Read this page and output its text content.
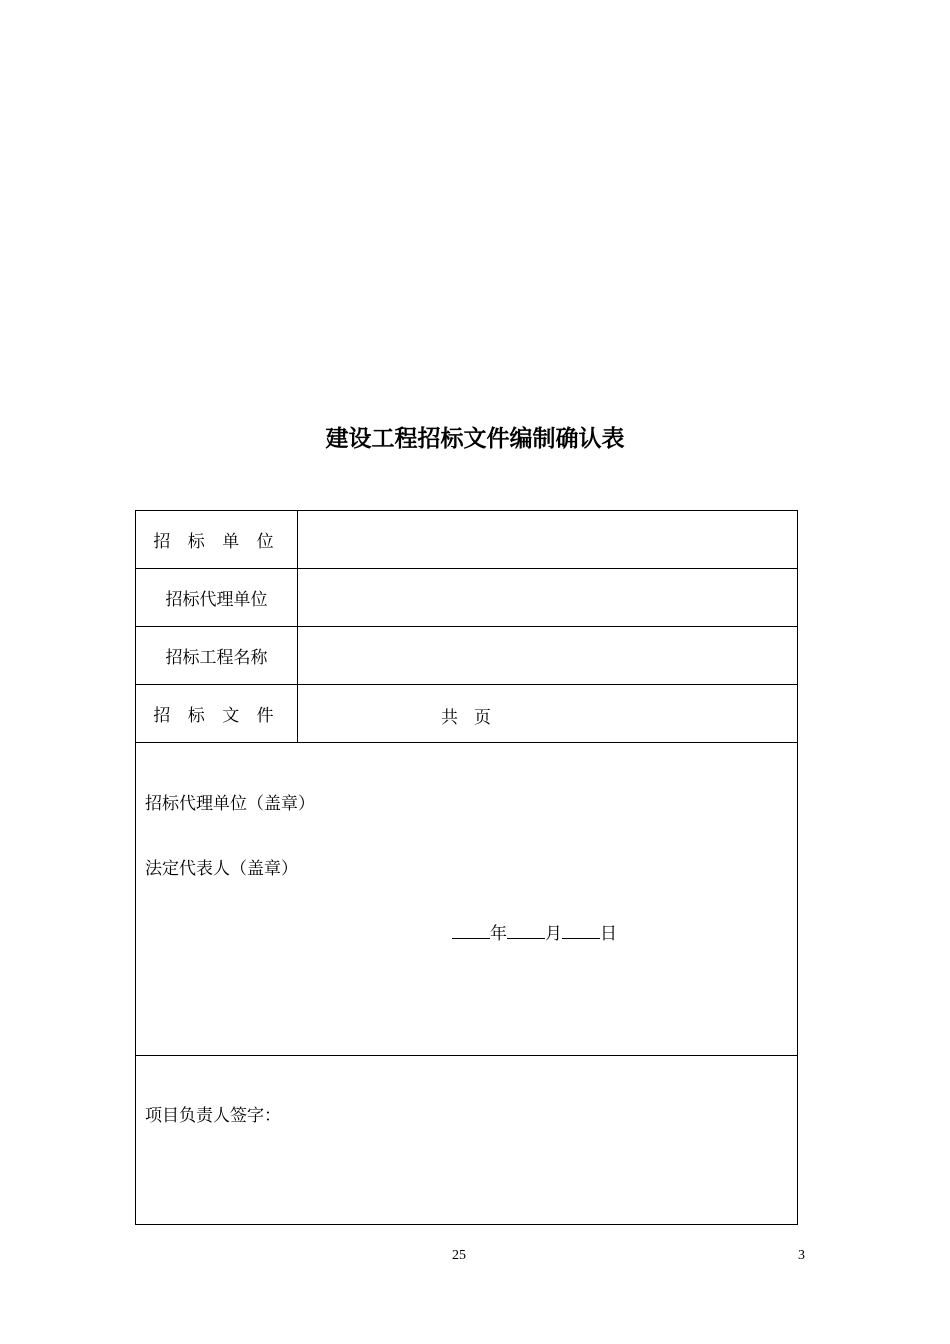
建设工程招标文件编制确认表
招 标 单 位	
招标代理单位	
招标工程名称	
招 标 文 件	共 页

招标代理单位（盖章）
法定代表人（盖章）
年 月 日	

项目负责人签字：	
25	3
